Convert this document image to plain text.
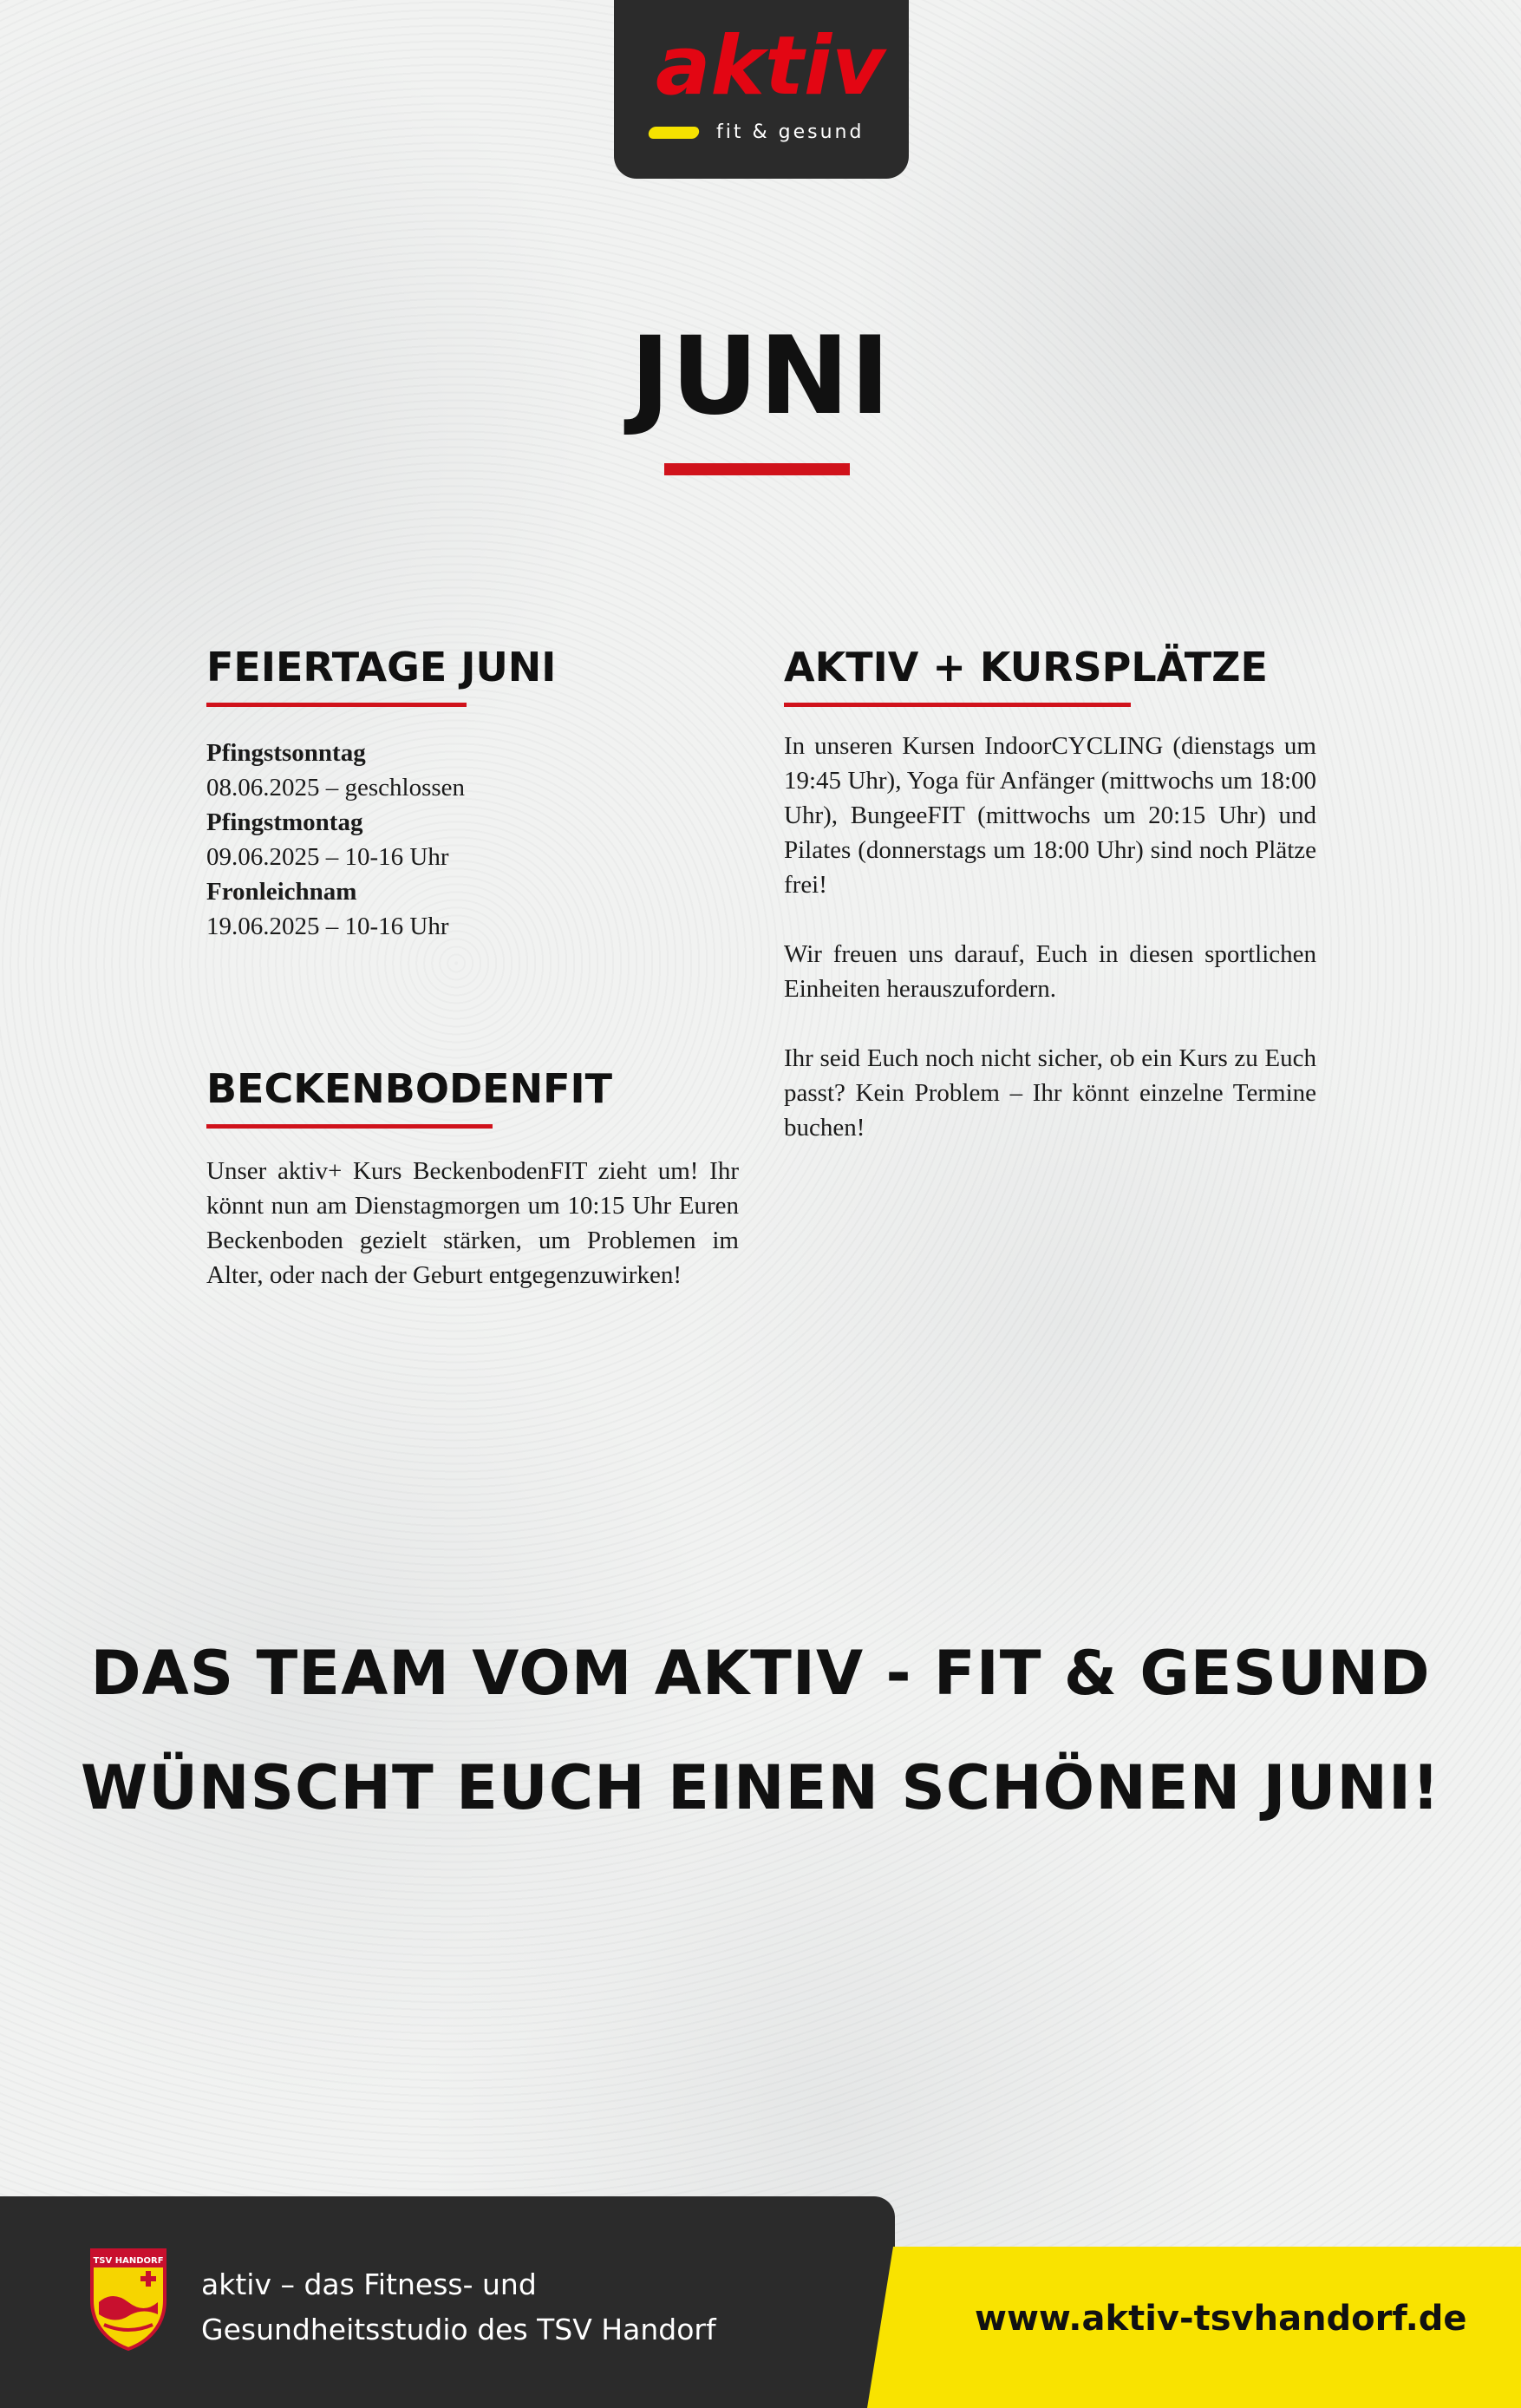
aktiv
fit & gesund
JUNI
FEIERTAGE JUNI

Pfingstsonntag

08.06.2025 – geschlossen

Pfingstmontag

09.06.2025 – 10-16 Uhr

Fronleichnam

19.06.2025 – 10-16 Uhr

BECKENBODENFIT
Unser aktiv+ Kurs BeckenbodenFIT zieht um! Ihr könnt nun am Dienstagmorgen um 10:15 Uhr Euren Beckenboden gezielt stärken, um Problemen im Alter, oder nach der Geburt entgegenzuwirken!
AKTIV + KURSPLÄTZE

In unseren Kursen IndoorCYCLING (dienstags um 19:45 Uhr), Yoga für Anfänger (mittwochs um 18:00 Uhr), BungeeFIT (mittwochs um 20:15 Uhr) und Pilates (donnerstags um 18:00 Uhr) sind noch Plätze frei!

Wir freuen uns darauf, Euch in diesen sportlichen Einheiten herauszufordern.

Ihr seid Euch noch nicht sicher, ob ein Kurs zu Euch passt? Kein Problem – Ihr könnt einzelne Termine buchen!

DAS TEAM VOM AKTIV - FIT & GESUND
WÜNSCHT EUCH EINEN SCHÖNEN JUNI!
TSV HANDORF
aktiv – das Fitness- und
Gesundheitsstudio des TSV Handorf	www.aktiv-tsvhandorf.de
